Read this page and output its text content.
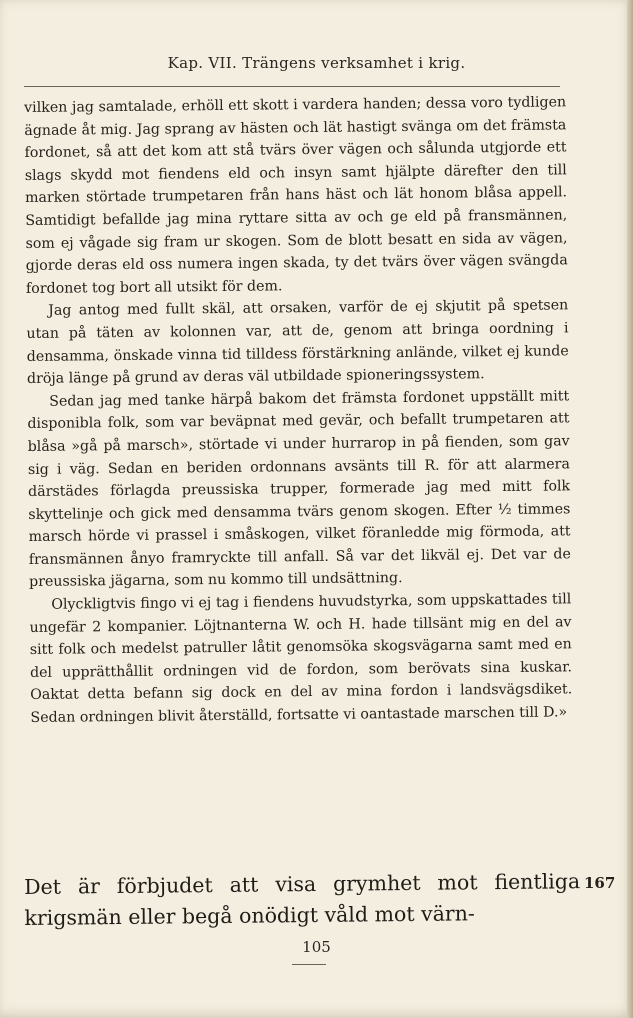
Kap. VII. Trängens verksamhet i krig.

vilken jag samtalade, erhöll ett skott i vardera handen; dessa voro tydligen ägnade åt mig. Jag sprang av hästen och lät hastigt svänga om det främsta fordonet, så att det kom att stå tvärs över vägen och sålunda utgjorde ett slags skydd mot fiendens eld och insyn samt hjälpte därefter den till marken störtade trumpetaren från hans häst och lät honom blåsa appell. Samtidigt befallde jag mina ryttare sitta av och ge eld på fransmännen, som ej vågade sig fram ur skogen. Som de blott besatt en sida av vägen, gjorde deras eld oss numera ingen skada, ty det tvärs över vägen svängda fordonet tog bort all utsikt för dem.

Jag antog med fullt skäl, att orsaken, varför de ej skjutit på spetsen utan på täten av kolonnen var, att de, genom att bringa oordning i densamma, önskade vinna tid tilldess förstärkning anlände, vilket ej kunde dröja länge på grund av deras väl utbildade spioneringssystem.

Sedan jag med tanke härpå bakom det främsta fordonet uppställt mitt disponibla folk, som var beväpnat med gevär, och befallt trumpetaren att blåsa »gå på marsch», störtade vi under hurrarop in på fienden, som gav sig i väg. Sedan en beriden ordonnans avsänts till R. för att alarmera därstädes förlagda preussiska trupper, formerade jag med mitt folk skyttelinje och gick med densamma tvärs genom skogen. Efter ½ timmes marsch hörde vi prassel i småskogen, vilket föranledde mig förmoda, att fransmännen ånyo framryckte till anfall. Så var det likväl ej. Det var de preussiska jägarna, som nu kommo till undsättning.

Olyckligtvis fingo vi ej tag i fiendens huvudstyrka, som uppskattades till ungefär 2 kompanier. Löjtnanterna W. och H. hade tillsänt mig en del av sitt folk och medelst patruller låtit genomsöka skogsvägarna samt med en del upprätthållit ordningen vid de fordon, som berövats sina kuskar. Oaktat detta befann sig dock en del av mina fordon i landsvägsdiket. Sedan ordningen blivit återställd, fortsatte vi oantastade marschen till D.»

Det är förbjudet att visa grymhet mot fientliga krigsmän eller begå onödigt våld mot värn-
167
105
